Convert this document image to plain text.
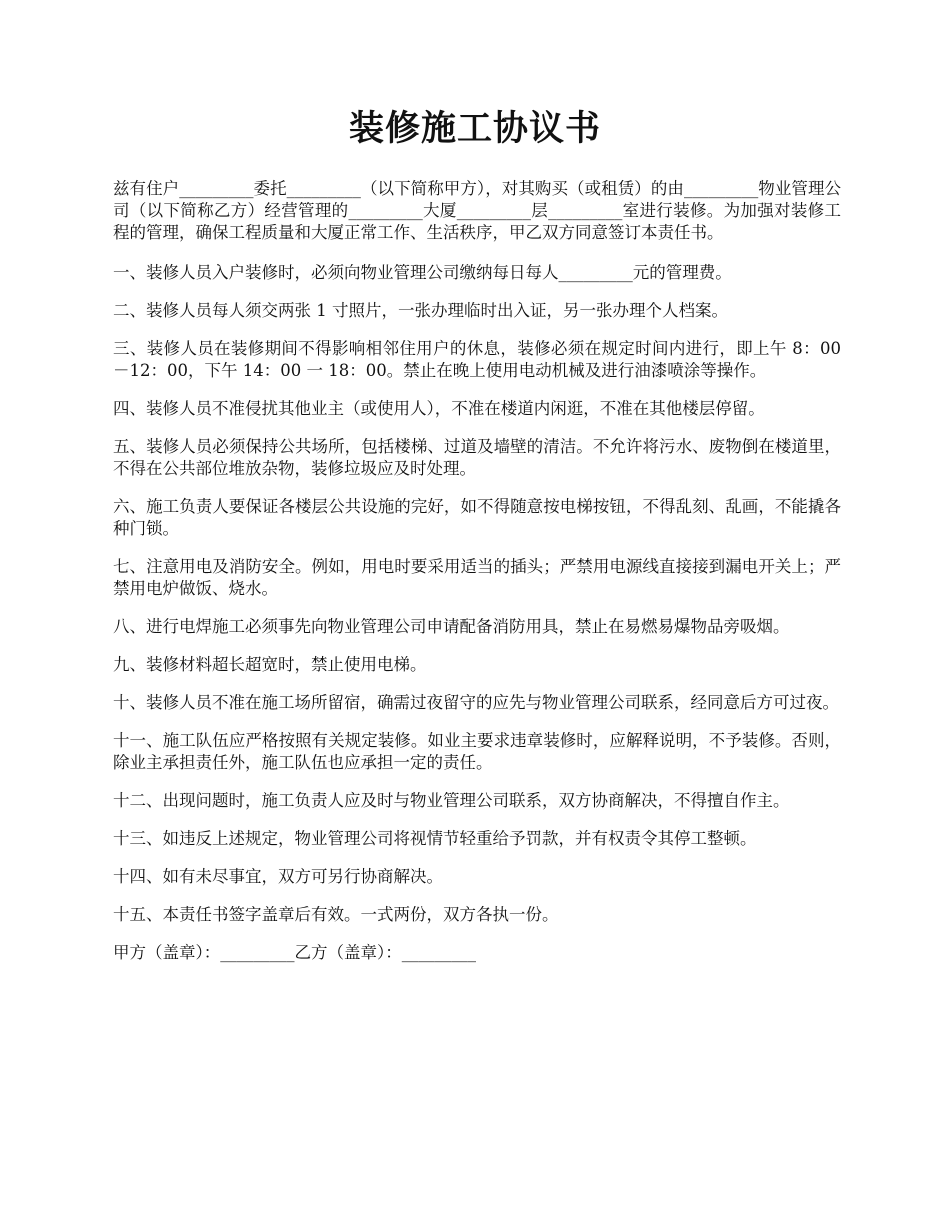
装修施工协议书

兹有住户_________委托_________（以下简称甲方），对其购买（或租赁）的由_________物业管理公司（以下简称乙方）经营管理的_________大厦_________层_________室进行装修。为加强对装修工程的管理，确保工程质量和大厦正常工作、生活秩序，甲乙双方同意签订本责任书。

一、装修人员入户装修时，必须向物业管理公司缴纳每日每人_________元的管理费。

二、装修人员每人须交两张 1 寸照片，一张办理临时出入证，另一张办理个人档案。

三、装修人员在装修期间不得影响相邻住用户的休息，装修必须在规定时间内进行，即上午 8：00－12：00，下午 14：00 一 18：00。禁止在晚上使用电动机械及进行油漆喷涂等操作。

四、装修人员不准侵扰其他业主（或使用人），不准在楼道内闲逛，不准在其他楼层停留。

五、装修人员必须保持公共场所，包括楼梯、过道及墙壁的清洁。不允许将污水、废物倒在楼道里，不得在公共部位堆放杂物，装修垃圾应及时处理。

六、施工负责人要保证各楼层公共设施的完好，如不得随意按电梯按钮，不得乱刻、乱画，不能撬各种门锁。

七、注意用电及消防安全。例如，用电时要采用适当的插头；严禁用电源线直接接到漏电开关上；严禁用电炉做饭、烧水。

八、进行电焊施工必须事先向物业管理公司申请配备消防用具，禁止在易燃易爆物品旁吸烟。

九、装修材料超长超宽时，禁止使用电梯。

十、装修人员不准在施工场所留宿，确需过夜留守的应先与物业管理公司联系，经同意后方可过夜。

十一、施工队伍应严格按照有关规定装修。如业主要求违章装修时，应解释说明，不予装修。否则，除业主承担责任外，施工队伍也应承担一定的责任。

十二、出现问题时，施工负责人应及时与物业管理公司联系，双方协商解决，不得擅自作主。

十三、如违反上述规定，物业管理公司将视情节轻重给予罚款，并有权责令其停工整顿。

十四、如有未尽事宜，双方可另行协商解决。

十五、本责任书签字盖章后有效。一式两份，双方各执一份。

甲方（盖章）：_________乙方（盖章）：_________
